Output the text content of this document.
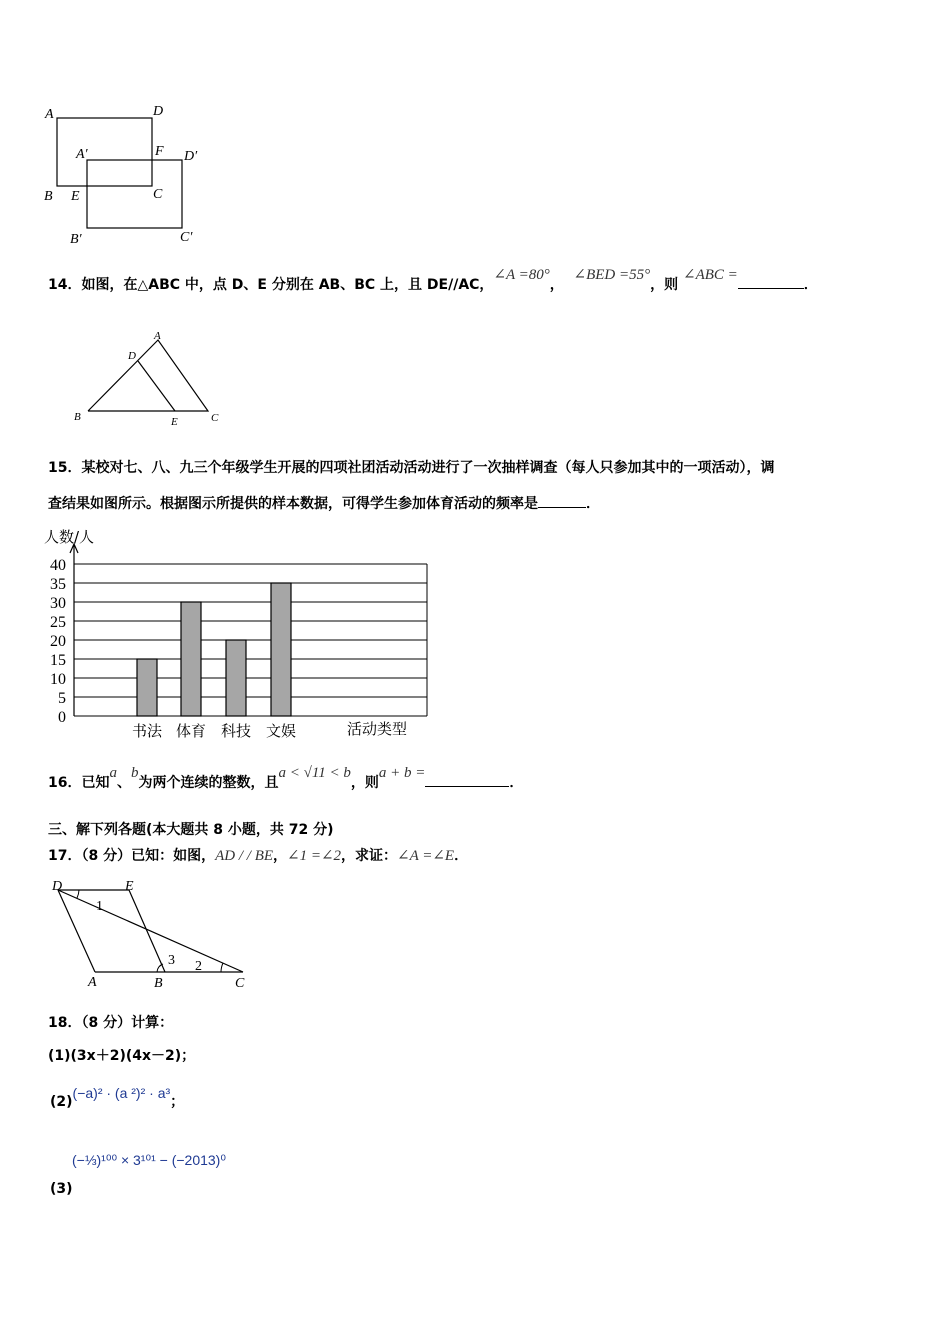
A	D
A′	F D′
B E	C
B′	C′
14．如图，在△ABC 中，点 D、E 分别在 AB、BC 上，且 DE//AC，∠A =80°，  ∠BED =55°，则 ∠ABC =．
A
D
B	E	C
15．某校对七、八、九三个年级学生开展的四项社团活动活动进行了一次抽样调查（每人只参加其中的一项活动），调
查结果如图所示。根据图示所提供的样本数据，可得学生参加体育活动的频率是	．
0
5
10
15
20
25
30
35
40
人数/人
书法 体育 科技 文娱	活动类型
16．已知a、b为两个连续的整数，且a < √11 < b，则a + b =．
三、解下列各题(本大题共 8 小题，共 72 分)
17．（8 分）已知：如图，AD / / BE，∠1 =∠2，求证：∠A =∠E．
D	E
A	B	C
1
2
3
18．（8 分）计算：
(1)(3x＋2)(4x－2)；
(2)(−a)² · (a ²)² · a³；
(−⅓)¹⁰⁰ × 3¹⁰¹ − (−2013)⁰
(3)
